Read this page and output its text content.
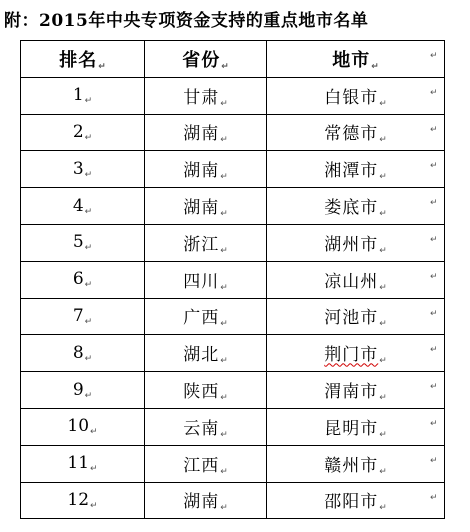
附：2015年中央专项资金支持的重点地市名单
排名↵	省份↵	地市↵
1↵	甘肃↵	白银市↵
2↵	湖南↵	常德市↵
3↵	湖南↵	湘潭市↵
4↵	湖南↵	娄底市↵
5↵	浙江↵	湖州市↵
6↵	四川↵	凉山州↵
7↵	广西↵	河池市↵
8↵	湖北↵	荆门市↵
9↵	陕西↵	渭南市↵
10↵	云南↵	昆明市↵
11↵	江西↵	赣州市↵
12↵	湖南↵	邵阳市↵
↵
↵
↵
↵
↵
↵
↵
↵
↵
↵
↵
↵
↵
